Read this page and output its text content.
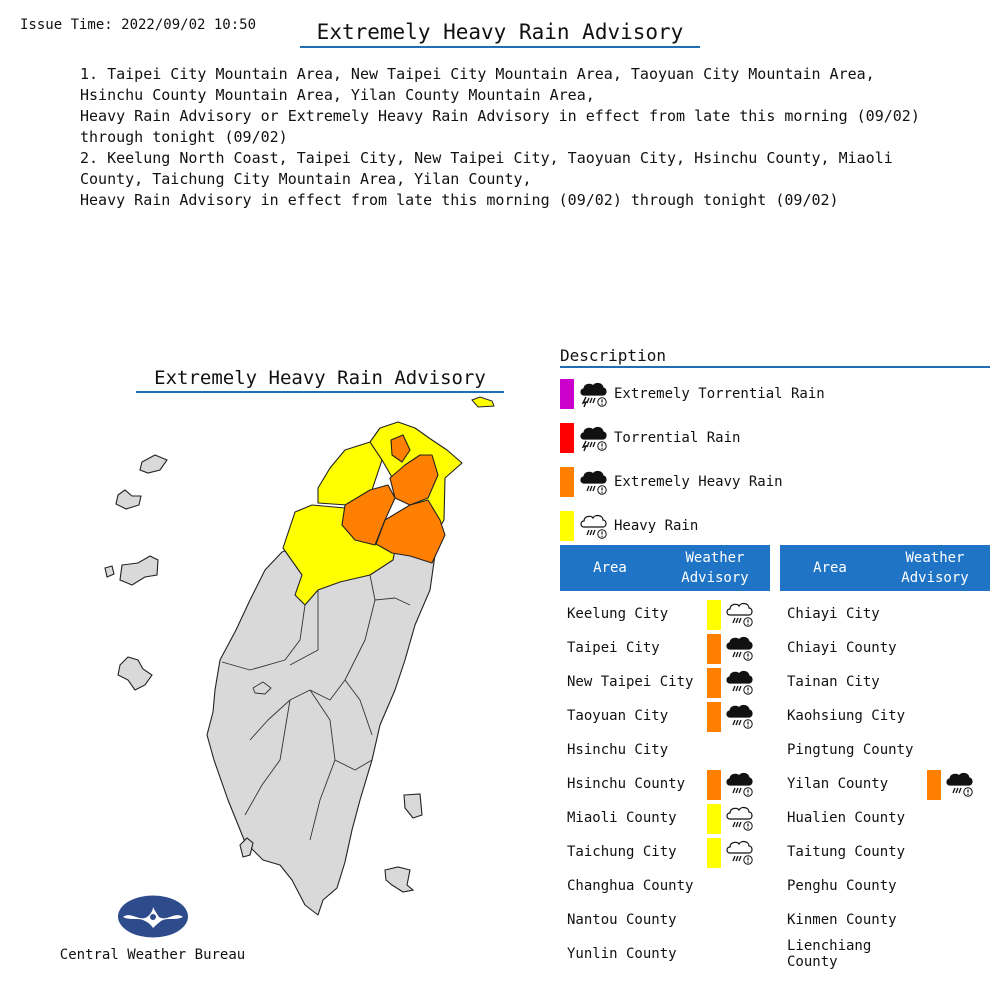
Issue Time: 2022/09/02 10:50	Extremely Heavy Rain Advisory

1. Taipei City Mountain Area, New Taipei City Mountain Area, Taoyuan City Mountain Area, Hsinchu County Mountain Area, Yilan County Mountain Area,

Heavy Rain Advisory or Extremely Heavy Rain Advisory in effect from late this morning (09/02) through tonight (09/02)

2. Keelung North Coast, Taipei City, New Taipei City, Taoyuan City, Hsinchu County, Miaoli County, Taichung City Mountain Area, Yilan County,

Heavy Rain Advisory in effect from late this morning (09/02) through tonight (09/02)

Extremely Heavy Rain Advisory
Central Weather Bureau
Description
Extremely Torrential Rain
Torrential Rain
Extremely Heavy Rain
Heavy Rain
Area
Weather
Advisory
Keelung City
Taipei City
New Taipei City
Taoyuan City
Hsinchu City
Hsinchu County
Miaoli County
Taichung City
Changhua County
Nantou County
Yunlin County
Area
Weather
Advisory
Chiayi City
Chiayi County
Tainan City
Kaohsiung City
Pingtung County
Yilan County
Hualien County
Taitung County
Penghu County
Kinmen County
Lienchiang County
